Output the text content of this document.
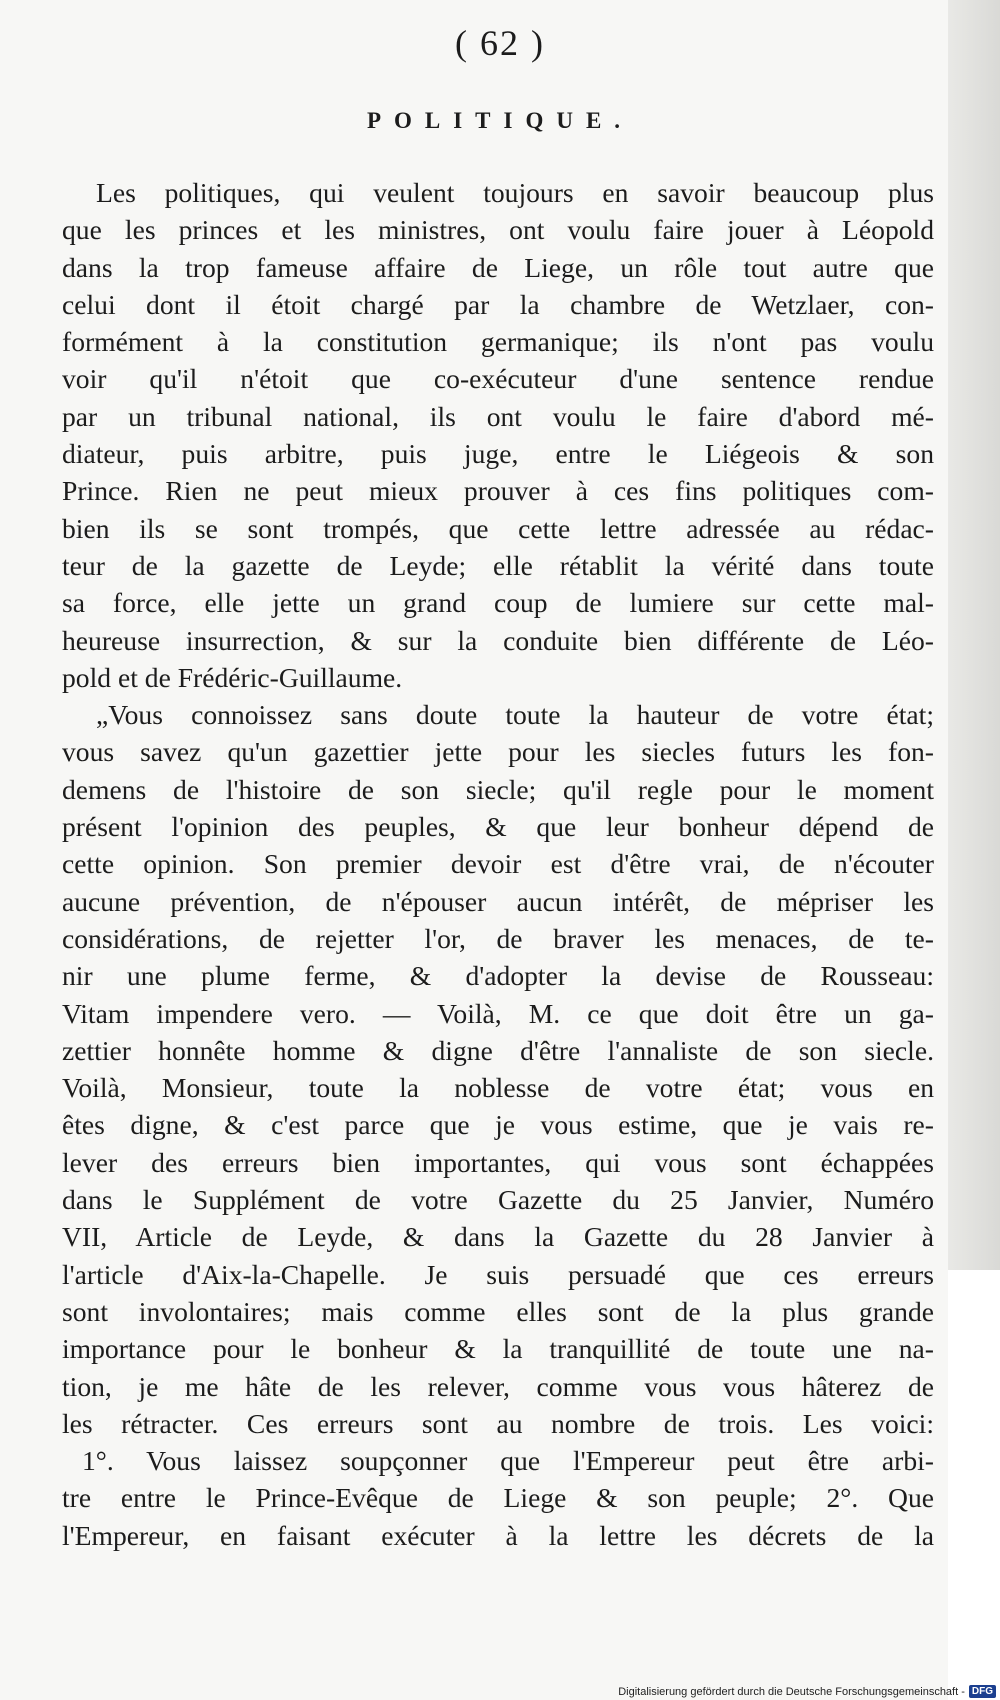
( 62 )
POLITIQUE.
Les politiques, qui veulent toujours en savoir beaucoup plus
que les princes et les ministres, ont voulu faire jouer à Léopold
dans la trop fameuse affaire de Liege, un rôle tout autre que
celui dont il étoit chargé par la chambre de Wetzlaer, con-
formément à la constitution germanique; ils n'ont pas voulu
voir qu'il n'étoit que co-exécuteur d'une sentence rendue
par un tribunal national, ils ont voulu le faire d'abord mé-
diateur, puis arbitre, puis juge, entre le Liégeois & son
Prince. Rien ne peut mieux prouver à ces fins politiques com-
bien ils se sont trompés, que cette lettre adressée au rédac-
teur de la gazette de Leyde; elle rétablit la vérité dans toute
sa force, elle jette un grand coup de lumiere sur cette mal-
heureuse insurrection, & sur la conduite bien différente de Léo-
pold et de Frédéric-Guillaume.
„Vous connoissez sans doute toute la hauteur de votre état;
vous savez qu'un gazettier jette pour les siecles futurs les fon-
demens de l'histoire de son siecle; qu'il regle pour le moment
présent l'opinion des peuples, & que leur bonheur dépend de
cette opinion. Son premier devoir est d'être vrai, de n'écouter
aucune prévention, de n'épouser aucun intérêt, de mépriser les
considérations, de rejetter l'or, de braver les menaces, de te-
nir une plume ferme, & d'adopter la devise de Rousseau:
Vitam impendere vero. — Voilà, M. ce que doit être un ga-
zettier honnête homme & digne d'être l'annaliste de son siecle.
Voilà, Monsieur, toute la noblesse de votre état; vous en
êtes digne, & c'est parce que je vous estime, que je vais re-
lever des erreurs bien importantes, qui vous sont échappées
dans le Supplément de votre Gazette du 25 Janvier, Numéro
VII, Article de Leyde, & dans la Gazette du 28 Janvier à
l'article d'Aix-la-Chapelle. Je suis persuadé que ces erreurs
sont involontaires; mais comme elles sont de la plus grande
importance pour le bonheur & la tranquillité de toute une na-
tion, je me hâte de les relever, comme vous vous hâterez de
les rétracter. Ces erreurs sont au nombre de trois. Les voici:
1°. Vous laissez soupçonner que l'Empereur peut être arbi-
tre entre le Prince-Evêque de Liege & son peuple; 2°. Que
l'Empereur, en faisant exécuter à la lettre les décrets de la
Digitalisierung gefördert durch die Deutsche Forschungsgemeinschaft - DFG
